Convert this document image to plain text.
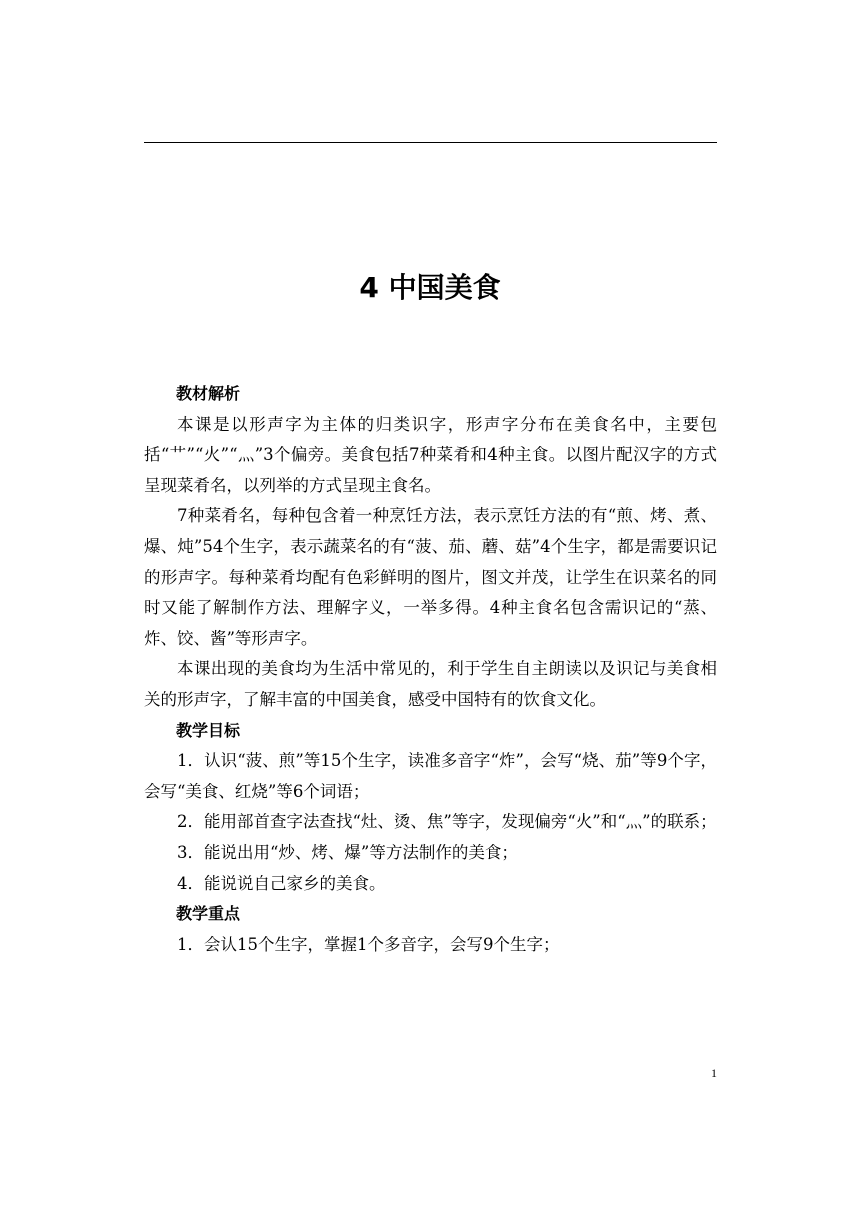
4 中国美食
教材解析

本课是以形声字为主体的归类识字，形声字分布在美食名中，主要包括“艹”“火”“灬”3个偏旁。美食包括7种菜肴和4种主食。以图片配汉字的方式呈现菜肴名，以列举的方式呈现主食名。

7种菜肴名，每种包含着一种烹饪方法，表示烹饪方法的有“煎、烤、煮、爆、炖”54个生字，表示蔬菜名的有“菠、茄、蘑、菇”4个生字，都是需要识记的形声字。每种菜肴均配有色彩鲜明的图片，图文并茂，让学生在识菜名的同时又能了解制作方法、理解字义，一举多得。4种主食名包含需识记的“蒸、炸、饺、酱”等形声字。

本课出现的美食均为生活中常见的，利于学生自主朗读以及识记与美食相关的形声字，了解丰富的中国美食，感受中国特有的饮食文化。

教学目标

1．认识“菠、煎”等15个生字，读准多音字“炸”，会写“烧、茄”等9个字，会写“美食、红烧”等6个词语；

2．能用部首查字法查找“灶、烫、焦”等字，发现偏旁“火”和“灬”的联系；

3．能说出用“炒、烤、爆”等方法制作的美食；

4．能说说自己家乡的美食。

教学重点

1．会认15个生字，掌握1个多音字，会写9个生字；

1
